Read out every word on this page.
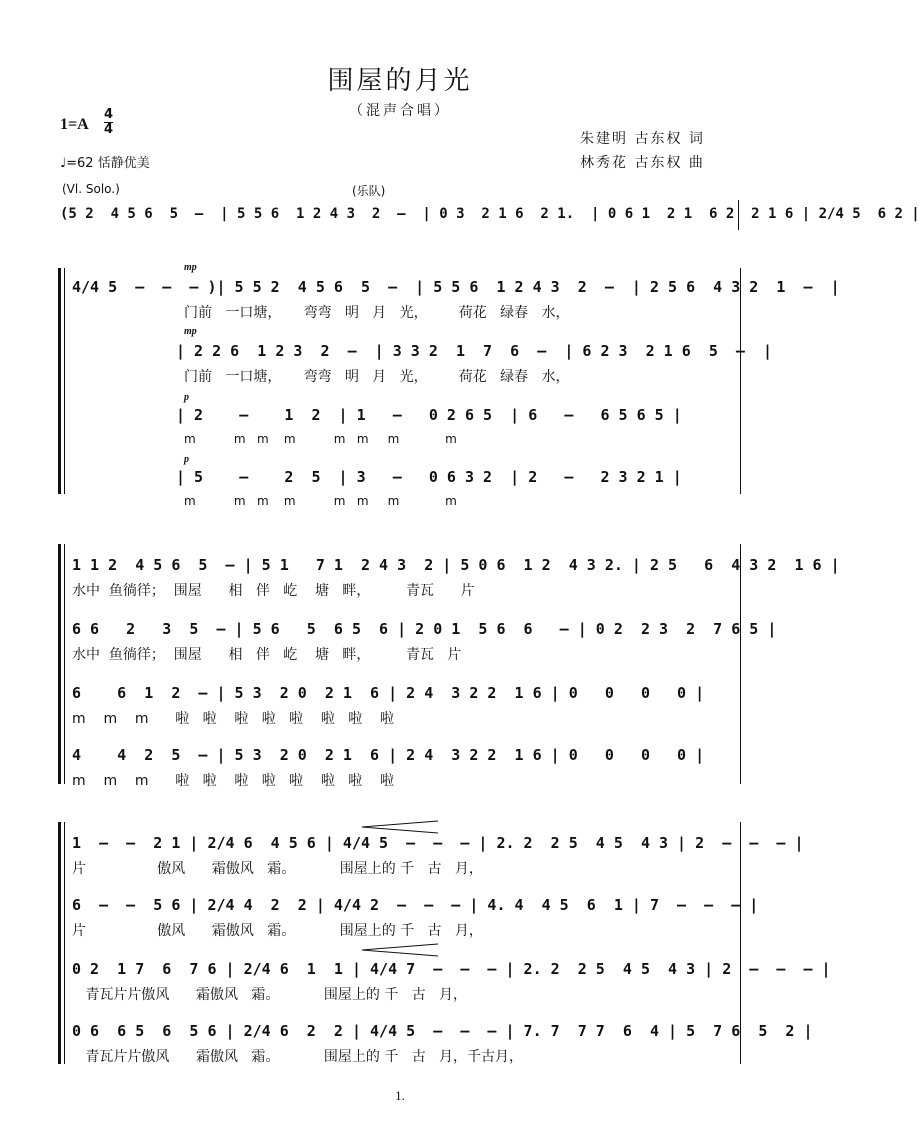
围屋的月光
（混声合唱）
$1=A \frac{4}{4}$
朱建明 古东权 词
林秀花 古东权 曲
♩=62 恬静优美
(Vl. Solo.)	(乐队)
(5 2  4 5 6  5  –  | 5 5 6  1 2 4 3  2  –  | 0 3  2 1 6  2 1.  | 0 6 1  2 1  6 2  2 1 6 | 2/4 5  6 2 |
mp
4/4 5  –  –  – )| 5 5 2  4 5 6  5  –  | 5 5 6  1 2 4 3  2  –  | 2 5 6  4 3 2  1  –  |
门前   一口塘，     弯弯   明   月   光，       荷花   绿春   水，
mp
| 2 2 6  1 2 3  2  –  | 3 3 2  1  7  6  –  | 6 2 3  2 1 6  5  –  |
门前   一口塘，     弯弯   明   月   光，       荷花   绿春   水，
p
| 2    –    1  2  | 1   –   0 2 6 5  | 6   –   6 5 6 5 |
m          m   m    m          m   m     m            m
p
| 5    –    2  5  | 3   –   0 6 3 2  | 2   –   2 3 2 1 |
m          m   m    m          m   m     m            m
1 1 2  4 5 6  5  – | 5 1   7 1  2 4 3  2 | 5 0 6  1 2  4 3 2. | 2 5   6  4 3 2  1 6 |
水中  鱼徜徉；  围屋      相   伴   屹    塘   畔，        青瓦      片
6 6   2   3  5  – | 5 6   5  6 5  6 | 2 0 1  5 6  6   – | 0 2  2 3  2  7 6 5 |
水中  鱼徜徉；  围屋      相   伴   屹    塘   畔，        青瓦   片
6    6  1  2  – | 5 3  2 0  2 1  6 | 2 4  3 2 2  1 6 | 0   0   0   0 |
m    m    m      啦   啦    啦   啦   啦    啦   啦    啦
4    4  2  5  – | 5 3  2 0  2 1  6 | 2 4  3 2 2  1 6 | 0   0   0   0 |
m    m    m      啦   啦    啦   啦   啦    啦   啦    啦
1  –  –  2 1 | 2/4 6  4 5 6 | 4/4 5  –  –  – | 2. 2  2 5  4 5  4 3 | 2  –  –  – |
片                傲风      霜傲风   霜。          围屋上的 千   古   月，
6  –  –  5 6 | 2/4 4  2  2 | 4/4 2  –  –  – | 4. 4  4 5  6  1 | 7  –  –  – |
片                傲风      霜傲风   霜。          围屋上的 千   古   月，
0 2  1 7  6  7 6 | 2/4 6  1  1 | 4/4 7  –  –  – | 2. 2  2 5  4 5  4 3 | 2  –  –  – |
青瓦片片傲风      霜傲风   霜。          围屋上的 千   古   月，
0 6  6 5  6  5 6 | 2/4 6  2  2 | 4/4 5  –  –  – | 7. 7  7 7  6  4 | 5  7 6  5  2 |
青瓦片片傲风      霜傲风   霜。          围屋上的 千   古   月，千古月，
1.
